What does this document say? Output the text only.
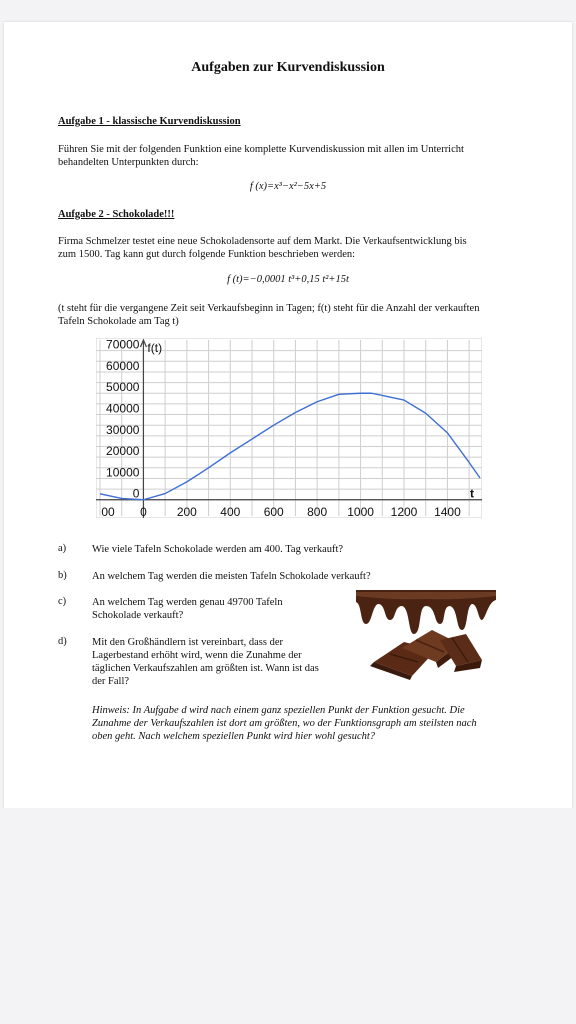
Aufgaben zur Kurvendiskussion
Aufgabe 1 - klassische Kurvendiskussion
Führen Sie mit der folgenden Funktion eine komplette Kurvendiskussion mit allen im Unterricht
behandelten Unterpunkten durch:
f (x)=x³−x²−5x+5
Aufgabe 2 - Schokolade!!!
Firma Schmelzer testet eine neue Schokoladensorte auf dem Markt. Die Verkaufsentwicklung bis
zum 1500. Tag kann gut durch folgende Funktion beschrieben werden:
f (t)=−0,0001 t³+0,15 t²+15t
(t steht für die vergangene Zeit seit Verkaufsbeginn in Tagen; f(t) steht für die Anzahl der verkauften
Tafeln Schokolade am Tag t)
0
10000
20000
30000
40000
50000
60000
70000
00 0	200 400 600 800 1000 1200 1400
f(t)
t
a) Wie viele Tafeln Schokolade werden am 400. Tag verkauft?
b) An welchem Tag werden die meisten Tafeln Schokolade verkauft?
c) An welchem Tag werden genau 49700 Tafeln
Schokolade verkauft?
d) Mit den Großhändlern ist vereinbart, dass der
Lagerbestand erhöht wird, wenn die Zunahme der
täglichen Verkaufszahlen am größten ist. Wann ist das
der Fall?
Hinweis: In Aufgabe d wird nach einem ganz speziellen Punkt der Funktion gesucht. Die
Zunahme der Verkaufszahlen ist dort am größten, wo der Funktionsgraph am steilsten nach
oben geht. Nach welchem speziellen Punkt wird hier wohl gesucht?
